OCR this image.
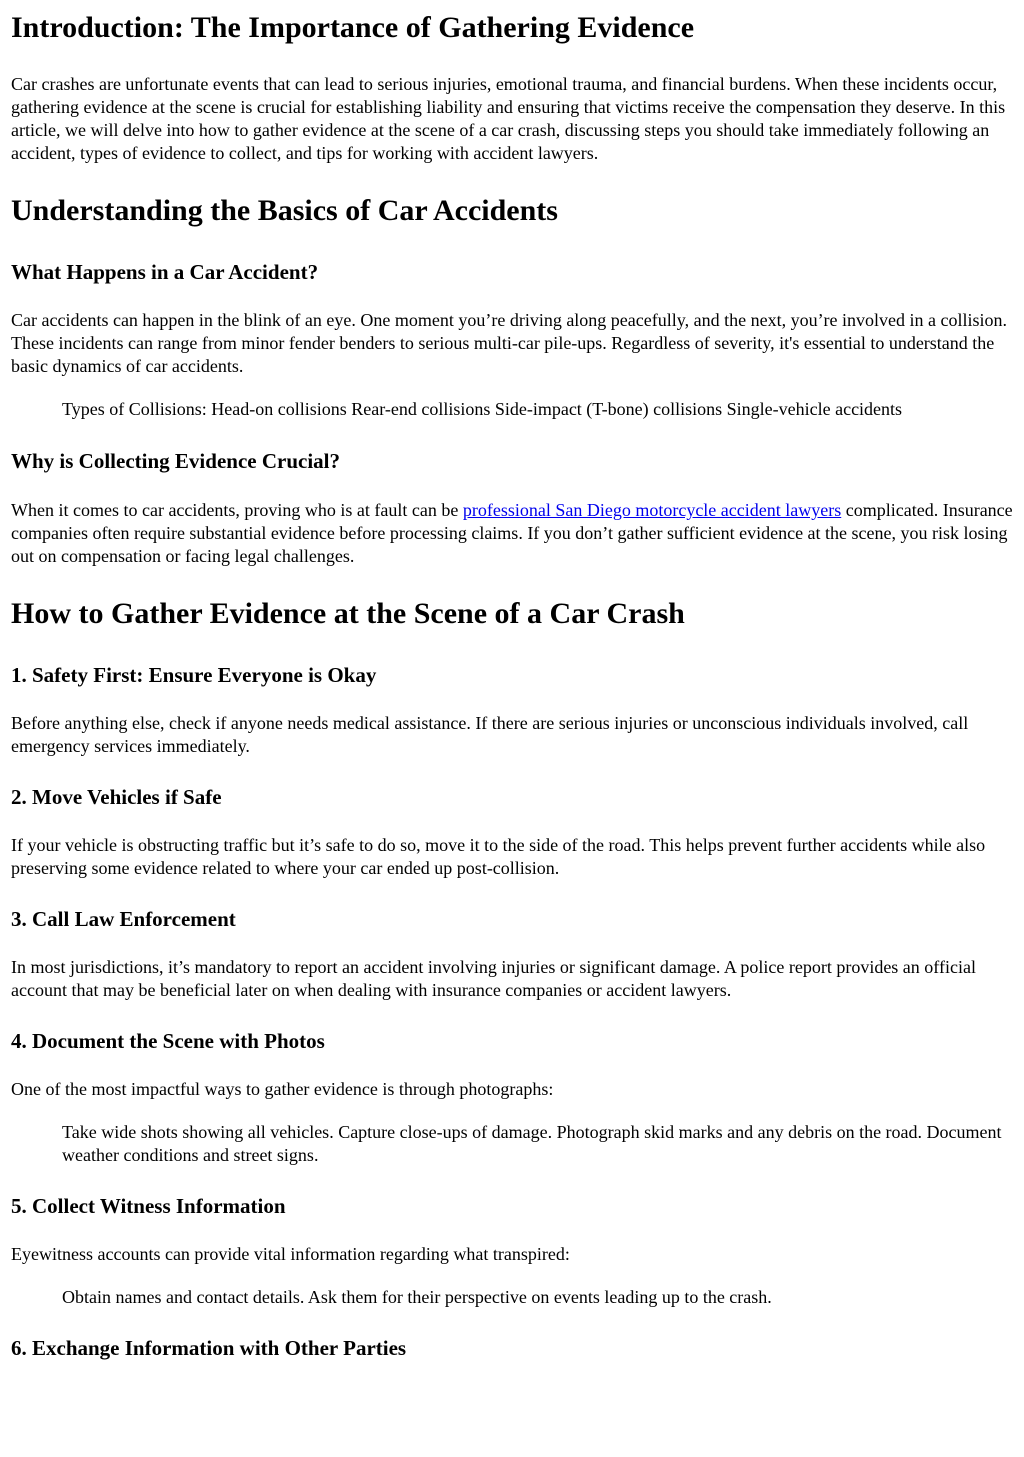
Introduction: The Importance of Gathering Evidence

Car crashes are unfortunate events that can lead to serious injuries, emotional trauma, and financial burdens. When these incidents occur, gathering evidence at the scene is crucial for establishing liability and ensuring that victims receive the compensation they deserve. In this article, we will delve into how to gather evidence at the scene of a car crash, discussing steps you should take immediately following an accident, types of evidence to collect, and tips for working with accident lawyers.

Understanding the Basics of Car Accidents
What Happens in a Car Accident?

Car accidents can happen in the blink of an eye. One moment you’re driving along peacefully, and the next, you’re involved in a collision. These incidents can range from minor fender benders to serious multi-car pile-ups. Regardless of severity, it's essential to understand the basic dynamics of car accidents.

Types of Collisions: Head-on collisions Rear-end collisions Side-impact (T-bone) collisions Single-vehicle accidents
Why is Collecting Evidence Crucial?

When it comes to car accidents, proving who is at fault can be professional San Diego motorcycle accident lawyers complicated. Insurance companies often require substantial evidence before processing claims. If you don’t gather sufficient evidence at the scene, you risk losing out on compensation or facing legal challenges.

How to Gather Evidence at the Scene of a Car Crash
1. Safety First: Ensure Everyone is Okay

Before anything else, check if anyone needs medical assistance. If there are serious injuries or unconscious individuals involved, call emergency services immediately.

2. Move Vehicles if Safe

If your vehicle is obstructing traffic but it’s safe to do so, move it to the side of the road. This helps prevent further accidents while also preserving some evidence related to where your car ended up post-collision.

3. Call Law Enforcement

In most jurisdictions, it’s mandatory to report an accident involving injuries or significant damage. A police report provides an official account that may be beneficial later on when dealing with insurance companies or accident lawyers.

4. Document the Scene with Photos

One of the most impactful ways to gather evidence is through photographs:

Take wide shots showing all vehicles. Capture close-ups of damage. Photograph skid marks and any debris on the road. Document weather conditions and street signs.
5. Collect Witness Information

Eyewitness accounts can provide vital information regarding what transpired:

Obtain names and contact details. Ask them for their perspective on events leading up to the crash.
6. Exchange Information with Other Parties
